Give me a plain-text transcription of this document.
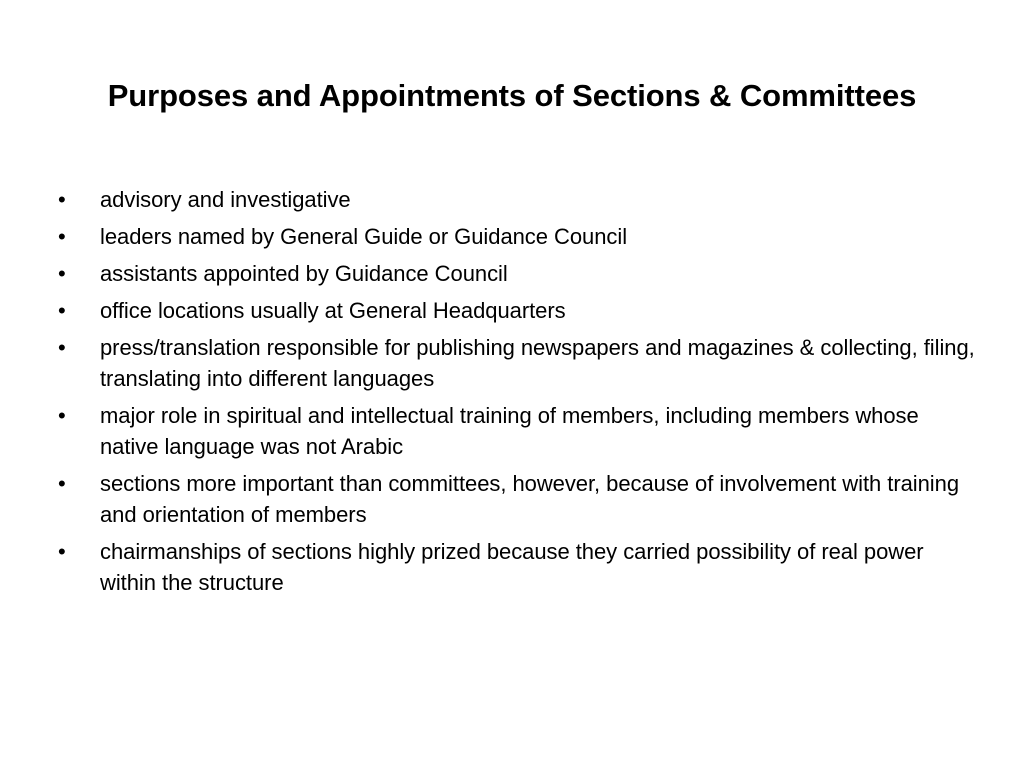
Purposes and Appointments of Sections & Committees
•	advisory and investigative
•	leaders named by General Guide or Guidance Council
•	assistants appointed by Guidance Council
•	office locations usually at General Headquarters
•	press/translation responsible for publishing newspapers and magazines & collecting, filing, translating into different languages
•	major role in spiritual and intellectual training of members, including members whose native language was not Arabic
•	sections more important than committees, however, because of involvement with training and orientation of members
•	chairmanships of sections highly prized because they carried possibility of real power within the structure
